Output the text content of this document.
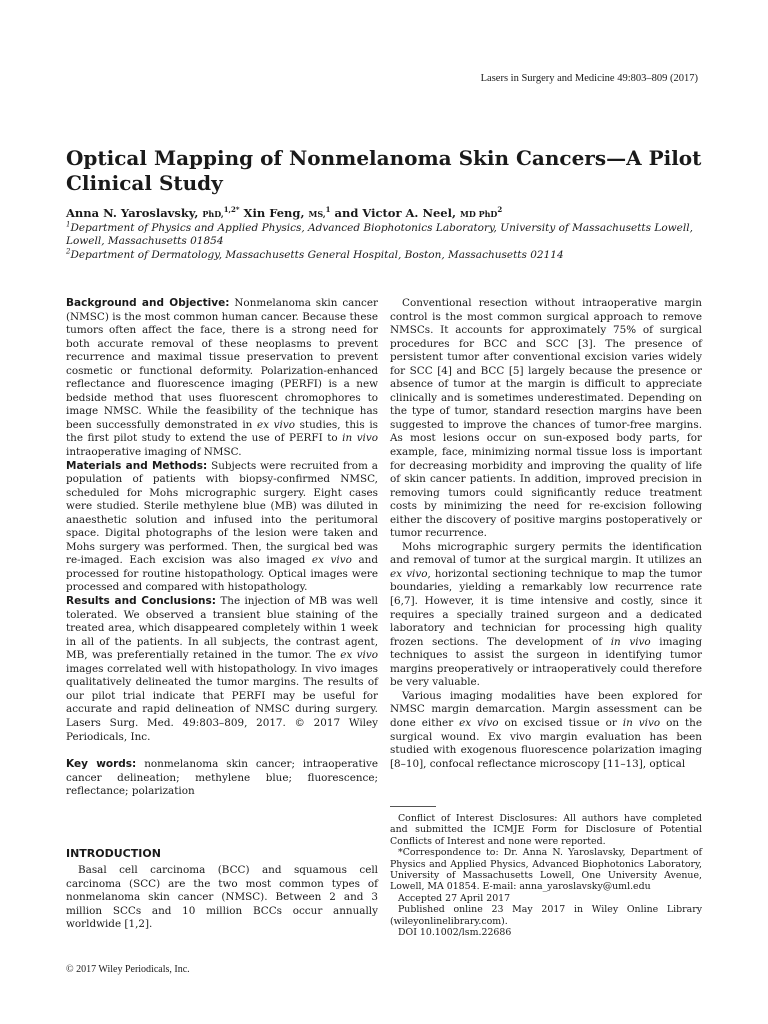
Lasers in Surgery and Medicine 49:803–809 (2017)
Optical Mapping of Nonmelanoma Skin Cancers—A Pilot Clinical Study
Anna N. Yaroslavsky, PhD,$^{1,2*}$ Xin Feng, MS,$^1$ and Victor A. Neel, MD PhD$^2$
$^1$Department of Physics and Applied Physics, Advanced Biophotonics Laboratory, University of Massachusetts Lowell, Lowell, Massachusetts 01854
$^2$Department of Dermatology, Massachusetts General Hospital, Boston, Massachusetts 02114

Background and Objective: Nonmelanoma skin cancer (NMSC) is the most common human cancer. Because these tumors often affect the face, there is a strong need for both accurate removal of these neoplasms to prevent recurrence and maximal tissue preservation to prevent cosmetic or functional deformity. Polarization-enhanced reflectance and fluorescence imaging (PERFI) is a new bedside method that uses fluorescent chromophores to image NMSC. While the feasibility of the technique has been successfully demonstrated in ex vivo studies, this is the first pilot study to extend the use of PERFI to in vivo intraoperative imaging of NMSC.

Materials and Methods: Subjects were recruited from a population of patients with biopsy-confirmed NMSC, scheduled for Mohs micrographic surgery. Eight cases were studied. Sterile methylene blue (MB) was diluted in anaesthetic solution and infused into the peritumoral space. Digital photographs of the lesion were taken and Mohs surgery was performed. Then, the surgical bed was re-imaged. Each excision was also imaged ex vivo and processed for routine histopathology. Optical images were processed and compared with histopathology.

Results and Conclusions: The injection of MB was well tolerated. We observed a transient blue staining of the treated area, which disappeared completely within 1 week in all of the patients. In all subjects, the contrast agent, MB, was preferentially retained in the tumor. The ex vivo images correlated well with histopathology. In vivo images qualitatively delineated the tumor margins. The results of our pilot trial indicate that PERFI may be useful for accurate and rapid delineation of NMSC during surgery. Lasers Surg. Med. 49:803–809, 2017. © 2017 Wiley Periodicals, Inc.

Key words: nonmelanoma skin cancer; intraoperative cancer delineation; methylene blue; fluorescence; reflectance; polarization

INTRODUCTION

Basal cell carcinoma (BCC) and squamous cell carcinoma (SCC) are the two most common types of nonmelanoma skin cancer (NMSC). Between 2 and 3 million SCCs and 10 million BCCs occur annually worldwide [1,2].

Conventional resection without intraoperative margin control is the most common surgical approach to remove NMSCs. It accounts for approximately 75% of surgical procedures for BCC and SCC [3]. The presence of persistent tumor after conventional excision varies widely for SCC [4] and BCC [5] largely because the presence or absence of tumor at the margin is difficult to appreciate clinically and is sometimes underestimated. Depending on the type of tumor, standard resection margins have been suggested to improve the chances of tumor-free margins. As most lesions occur on sun-exposed body parts, for example, face, minimizing normal tissue loss is important for decreasing morbidity and improving the quality of life of skin cancer patients. In addition, improved precision in removing tumors could significantly reduce treatment costs by minimizing the need for re-excision following either the discovery of positive margins postoperatively or tumor recurrence.

Mohs micrographic surgery permits the identification and removal of tumor at the surgical margin. It utilizes an ex vivo, horizontal sectioning technique to map the tumor boundaries, yielding a remarkably low recurrence rate [6,7]. However, it is time intensive and costly, since it requires a specially trained surgeon and a dedicated laboratory and technician for processing high quality frozen sections. The development of in vivo imaging techniques to assist the surgeon in identifying tumor margins preoperatively or intraoperatively could therefore be very valuable.

Various imaging modalities have been explored for NMSC margin demarcation. Margin assessment can be done either ex vivo on excised tissue or in vivo on the surgical wound. Ex vivo margin evaluation has been studied with exogenous fluorescence polarization imaging [8–10], confocal reflectance microscopy [11–13], optical

Conflict of Interest Disclosures: All authors have completed and submitted the ICMJE Form for Disclosure of Potential Conflicts of Interest and none were reported.

*Correspondence to: Dr. Anna N. Yaroslavsky, Department of Physics and Applied Physics, Advanced Biophotonics Laboratory, University of Massachusetts Lowell, One University Avenue, Lowell, MA 01854. E-mail: anna_yaroslavsky@uml.edu

Accepted 27 April 2017

Published online 23 May 2017 in Wiley Online Library (wileyonlinelibrary.com).

DOI 10.1002/lsm.22686

© 2017 Wiley Periodicals, Inc.
